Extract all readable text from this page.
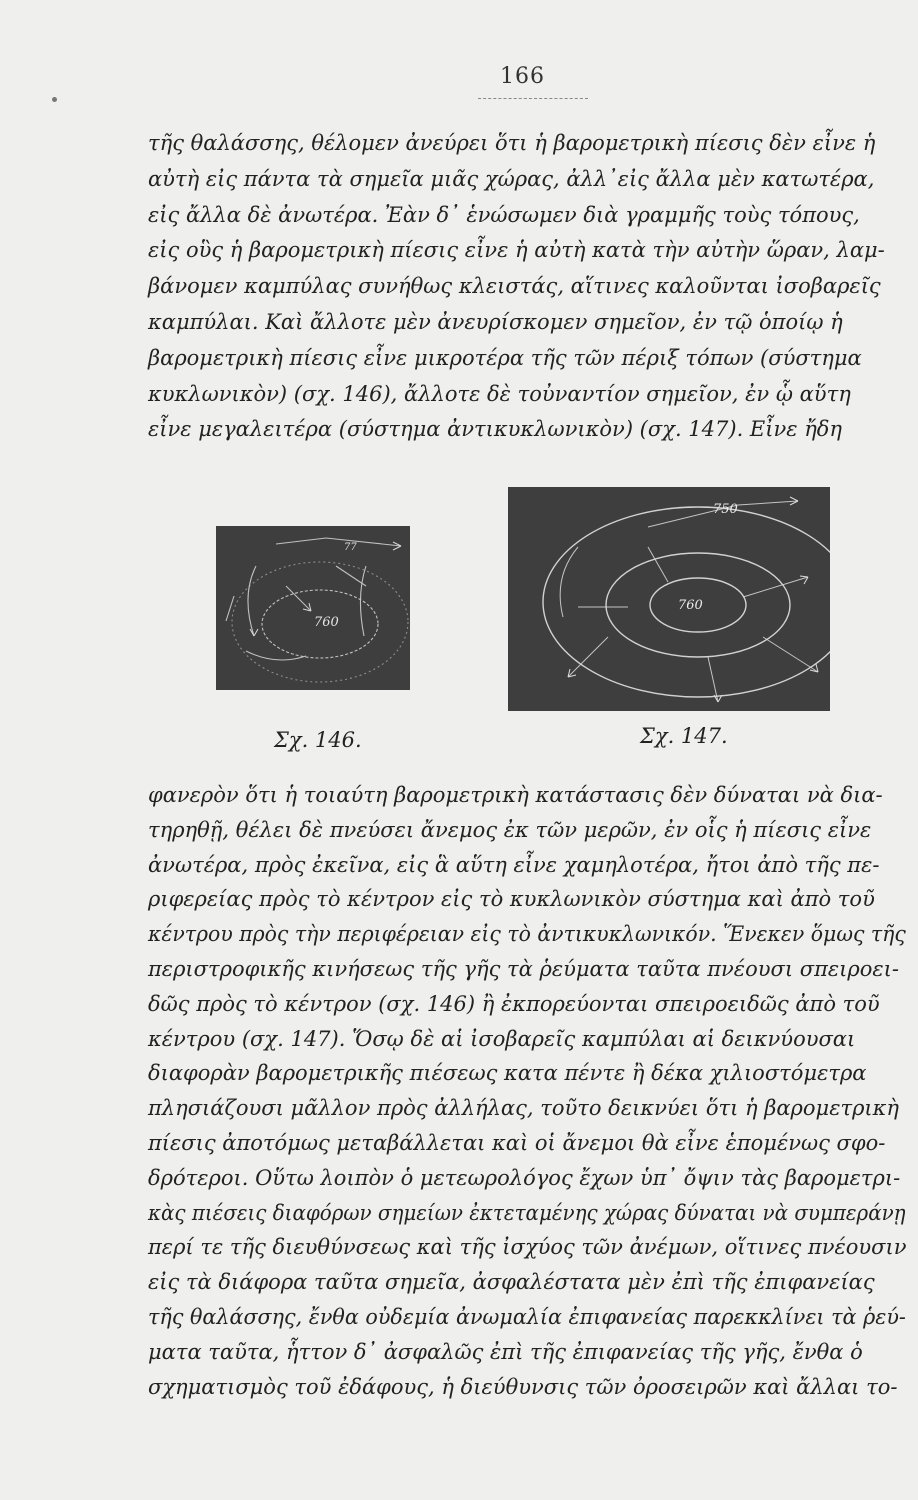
166
τῆς θαλάσσης, θέλομεν ἀνεύρει ὅτι ἡ βαρομετρικὴ πίεσις δὲν εἶνε ἡ
αὐτὴ εἰς πάντα τὰ σημεῖα μιᾶς χώρας, ἀλλ᾽εἰς ἄλλα μὲν κατωτέρα,
εἰς ἄλλα δὲ ἀνωτέρα. Ἐὰν δ᾽ ἑνώσωμεν διὰ γραμμῆς τοὺς τόπους,
εἰς οὓς ἡ βαρομετρικὴ πίεσις εἶνε ἡ αὐτὴ κατὰ τὴν αὐτὴν ὥραν, λαμ-
βάνομεν καμπύλας συνήθως κλειστάς, αἵτινες καλοῦνται ἰσοβαρεῖς
καμπύλαι. Καὶ ἄλλοτε μὲν ἀνευρίσκομεν σημεῖον, ἐν τῷ ὁποίῳ ἡ
βαρομετρικὴ πίεσις εἶνε μικροτέρα τῆς τῶν πέριξ τόπων (σύστημα
κυκλωνικὸν) (σχ. 146), ἄλλοτε δὲ τοὐναντίον σημεῖον, ἐν ᾧ αὕτη
εἶνε μεγαλειτέρα (σύστημα ἀντικυκλωνικὸν) (σχ. 147). Εἶνε ἤδη
77
760
750
760
Σχ. 146.	Σχ. 147.
φανερὸν ὅτι ἡ τοιαύτη βαρομετρικὴ κατάστασις δὲν δύναται νὰ δια-
τηρηθῇ, θέλει δὲ πνεύσει ἄνεμος ἐκ τῶν μερῶν, ἐν οἷς ἡ πίεσις εἶνε
ἀνωτέρα, πρὸς ἐκεῖνα, εἰς ἃ αὕτη εἶνε χαμηλοτέρα, ἤτοι ἀπὸ τῆς πε-
ριφερείας πρὸς τὸ κέντρον εἰς τὸ κυκλωνικὸν σύστημα καὶ ἀπὸ τοῦ
κέντρου πρὸς τὴν περιφέρειαν εἰς τὸ ἀντικυκλωνικόν. Ἕνεκεν ὅμως τῆς
περιστροφικῆς κινήσεως τῆς γῆς τὰ ῥεύματα ταῦτα πνέουσι σπειροει-
δῶς πρὸς τὸ κέντρον (σχ. 146) ἢ ἐκπορεύονται σπειροειδῶς ἀπὸ τοῦ
κέντρου (σχ. 147). Ὅσῳ δὲ αἱ ἰσοβαρεῖς καμπύλαι αἱ δεικνύουσαι
διαφορὰν βαρομετρικῆς πιέσεως κατα πέντε ἢ δέκα χιλιοστόμετρα
πλησιάζουσι μᾶλλον πρὸς ἀλλήλας, τοῦτο δεικνύει ὅτι ἡ βαρομετρικὴ
πίεσις ἀποτόμως μεταβάλλεται καὶ οἱ ἄνεμοι θὰ εἶνε ἑπομένως σφο-
δρότεροι. Οὕτω λοιπὸν ὁ μετεωρολόγος ἔχων ὑπ᾽ ὄψιν τὰς βαρομετρι-
κὰς πιέσεις διαφόρων σημείων ἐκτεταμένης χώρας δύναται νὰ συμπεράνῃ
περί τε τῆς διευθύνσεως καὶ τῆς ἰσχύος τῶν ἀνέμων, οἵτινες πνέουσιν
εἰς τὰ διάφορα ταῦτα σημεῖα, ἀσφαλέστατα μὲν ἐπὶ τῆς ἐπιφανείας
τῆς θαλάσσης, ἔνθα οὐδεμία ἀνωμαλία ἐπιφανείας παρεκκλίνει τὰ ῥεύ-
ματα ταῦτα, ἧττον δ᾽ ἀσφαλῶς ἐπὶ τῆς ἐπιφανείας τῆς γῆς, ἔνθα ὁ
σχηματισμὸς τοῦ ἐδάφους, ἡ διεύθυνσις τῶν ὀροσειρῶν καὶ ἄλλαι το-
